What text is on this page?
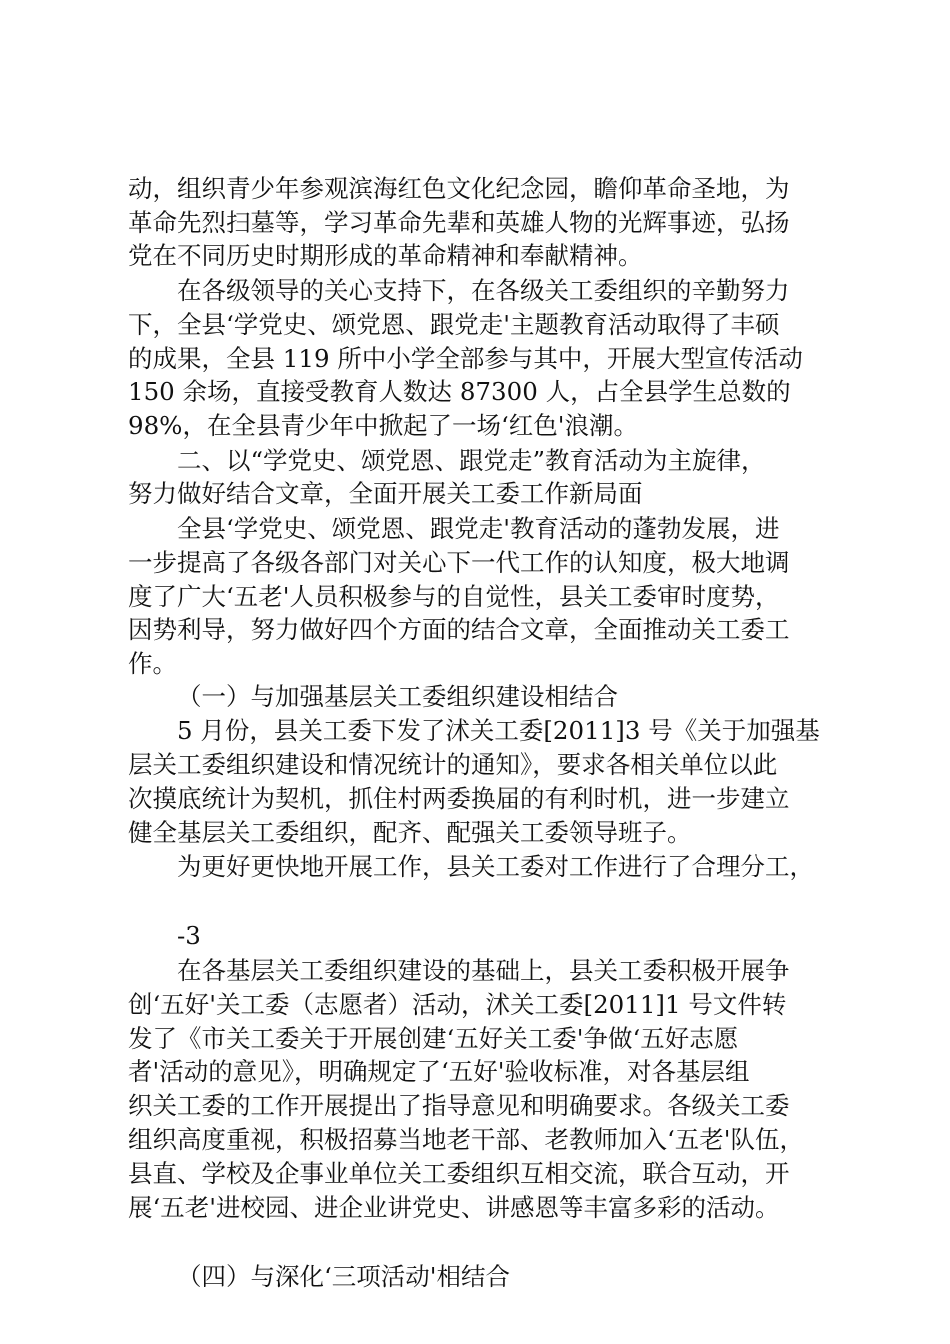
动，组织青少年参观滨海红色文化纪念园，瞻仰革命圣地，为
革命先烈扫墓等，学习革命先辈和英雄人物的光辉事迹，弘扬
党在不同历史时期形成的革命精神和奉献精神。
在各级领导的关心支持下，在各级关工委组织的辛勤努力
下，全县‘学党史、颂党恩、跟党走'主题教育活动取得了丰硕
的成果，全县 119 所中小学全部参与其中，开展大型宣传活动
150 余场，直接受教育人数达 87300 人，占全县学生总数的
98%，在全县青少年中掀起了一场‘红色'浪潮。
二、以“学党史、颂党恩、跟党走”教育活动为主旋律，
努力做好结合文章，全面开展关工委工作新局面
全县‘学党史、颂党恩、跟党走'教育活动的蓬勃发展，进
一步提高了各级各部门对关心下一代工作的认知度，极大地调
度了广大‘五老'人员积极参与的自觉性，县关工委审时度势，
因势利导，努力做好四个方面的结合文章，全面推动关工委工
作。
（一）与加强基层关工委组织建设相结合
5 月份，县关工委下发了沭关工委[2011]3 号《关于加强基
层关工委组织建设和情况统计的通知》，要求各相关单位以此
次摸底统计为契机，抓住村两委换届的有利时机，进一步建立
健全基层关工委组织，配齐、配强关工委领导班子。
为更好更快地开展工作，县关工委对工作进行了合理分工，
-3
在各基层关工委组织建设的基础上，县关工委积极开展争
创‘五好'关工委（志愿者）活动，沭关工委[2011]1 号文件转
发了《市关工委关于开展创建‘五好关工委'争做‘五好志愿
者'活动的意见》，明确规定了‘五好'验收标准，对各基层组
织关工委的工作开展提出了指导意见和明确要求。各级关工委
组织高度重视，积极招募当地老干部、老教师加入‘五老'队伍，
县直、学校及企事业单位关工委组织互相交流，联合互动，开
展‘五老'进校园、进企业讲党史、讲感恩等丰富多彩的活动。
（四）与深化‘三项活动'相结合
